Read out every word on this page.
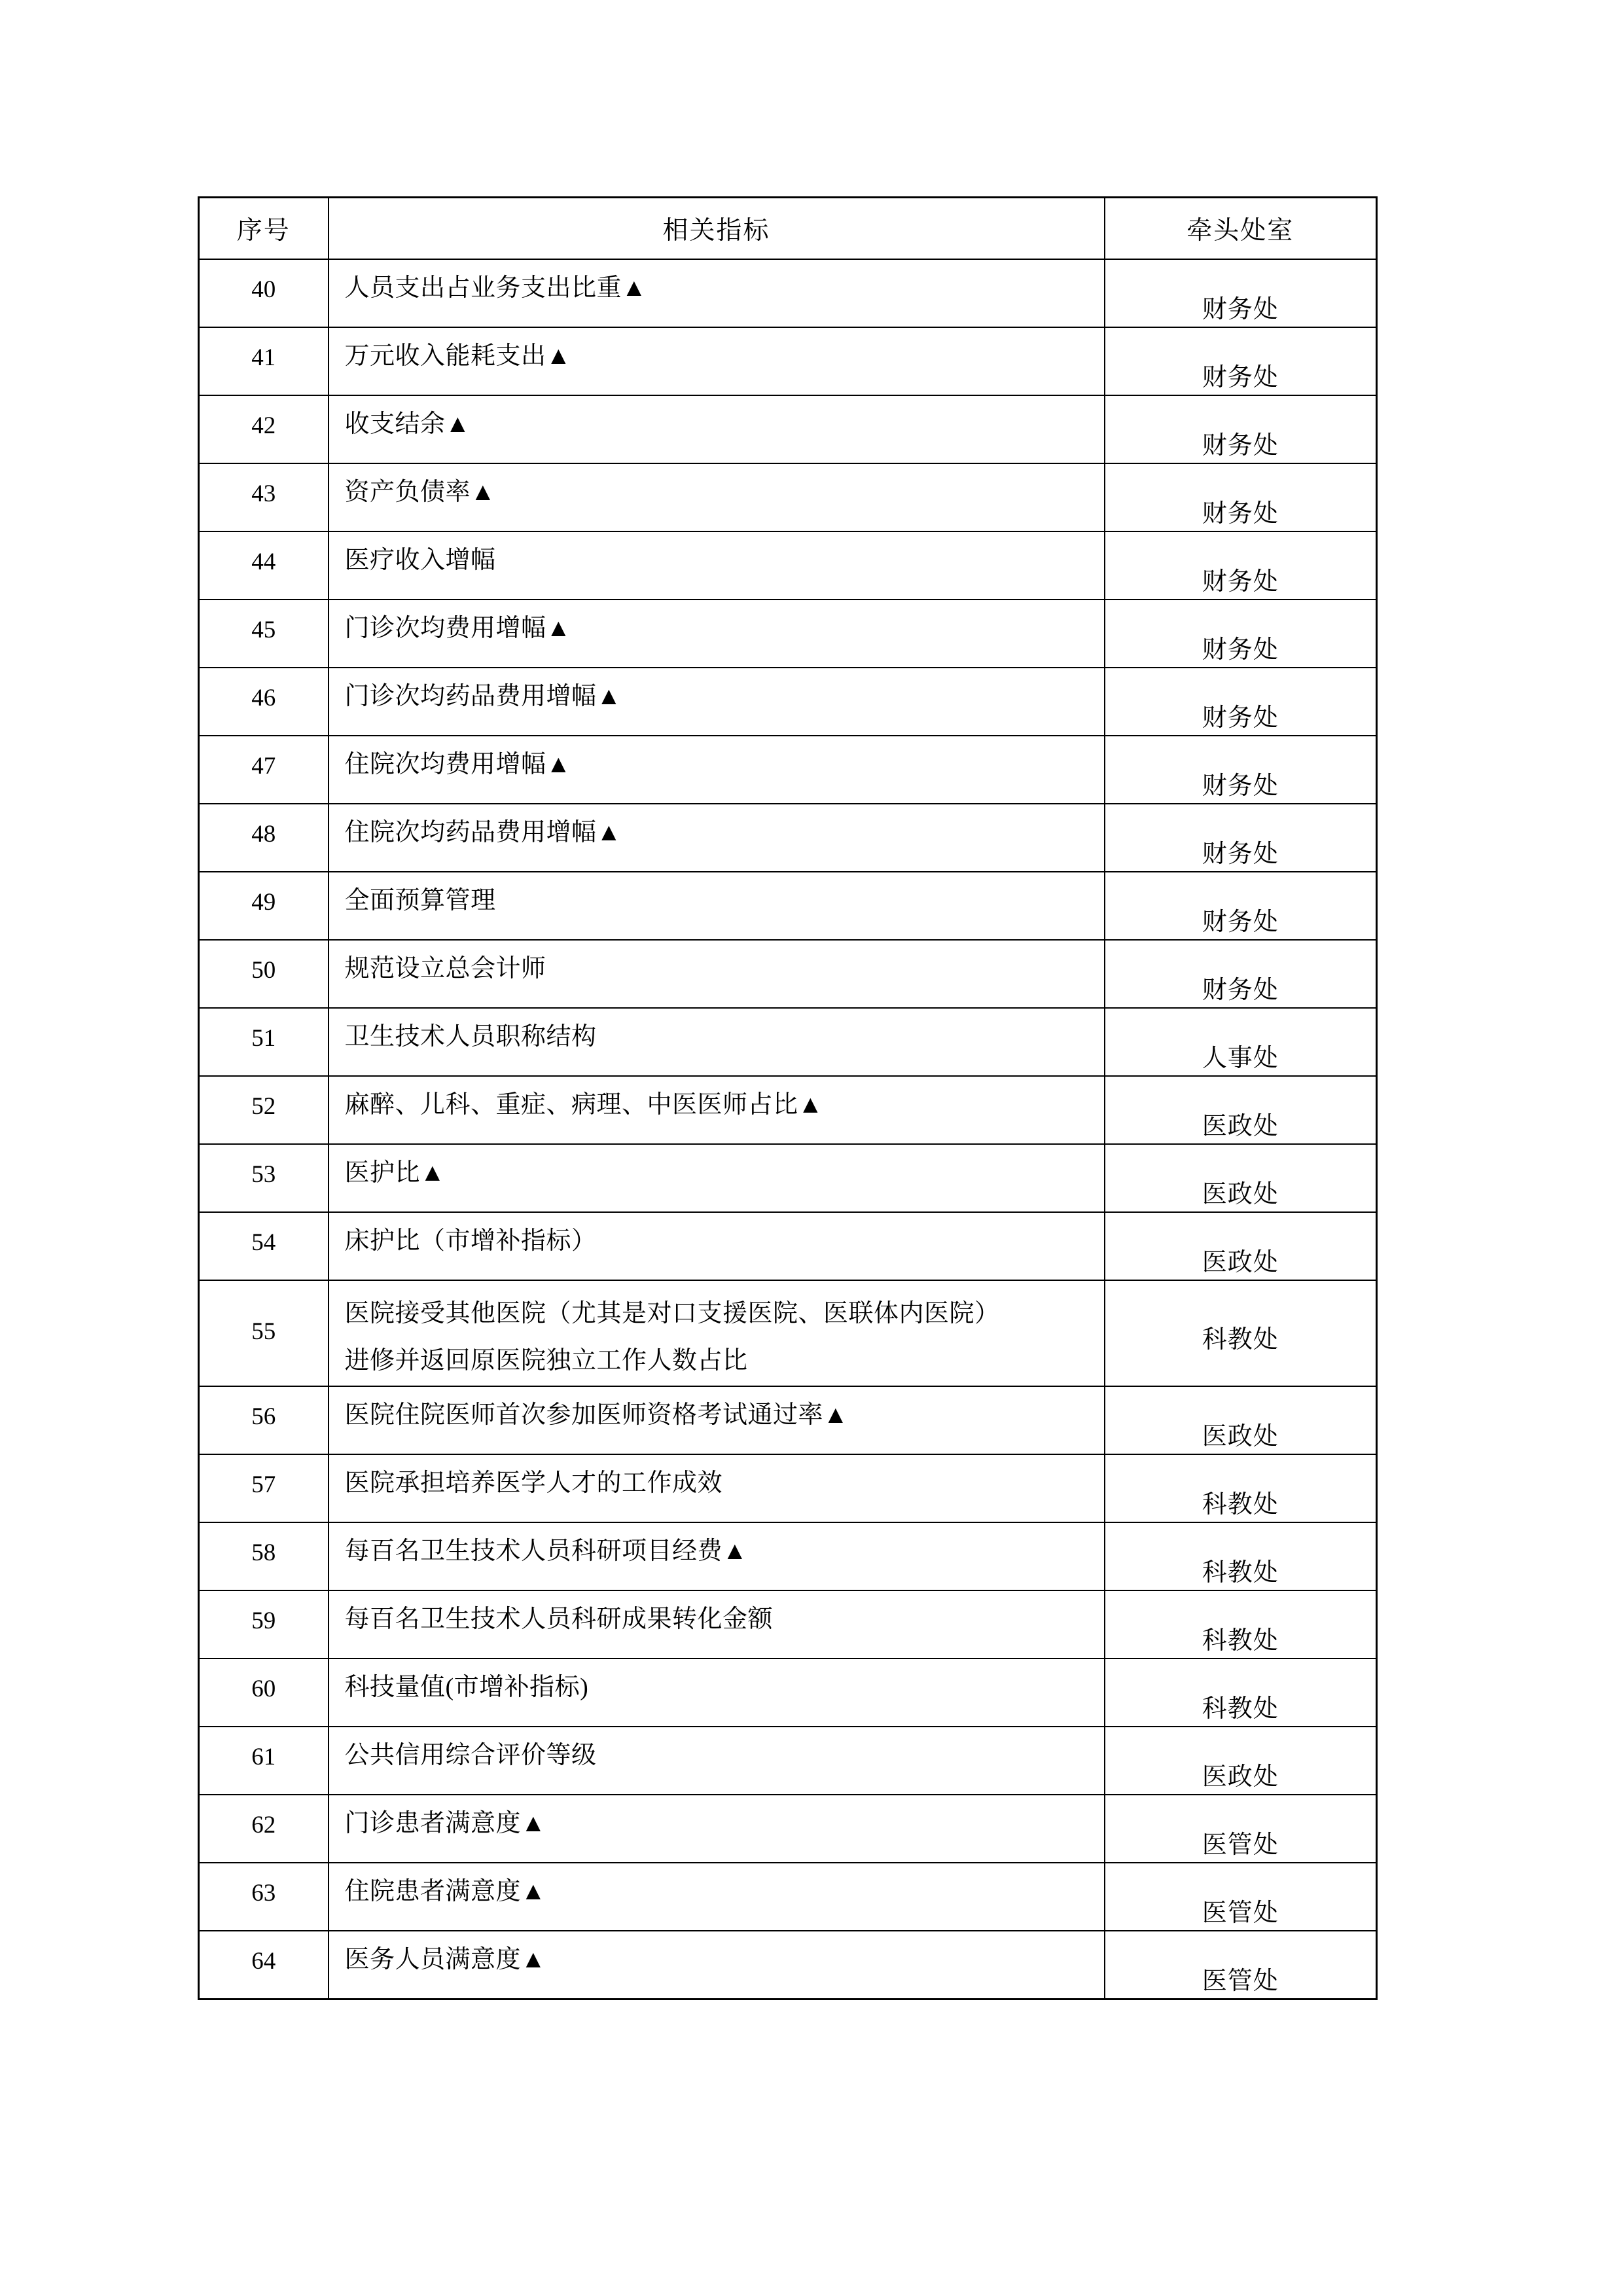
序号	相关指标	牵头处室

40	人员支出占业务支出比重▲	财务处

41	万元收入能耗支出▲	财务处

42	收支结余▲	财务处

43	资产负债率▲	财务处

44	医疗收入增幅	财务处

45	门诊次均费用增幅▲	财务处

46	门诊次均药品费用增幅▲	财务处

47	住院次均费用增幅▲	财务处

48	住院次均药品费用增幅▲	财务处

49	全面预算管理	财务处

50	规范设立总会计师	财务处

51	卫生技术人员职称结构	人事处

52	麻醉、儿科、重症、病理、中医医师占比▲	医政处

53	医护比▲	医政处

54	床护比（市增补指标）	医政处

55	医院接受其他医院（尤其是对口支援医院、医联体内医院）
进修并返回原医院独立工作人数占比	科教处

56	医院住院医师首次参加医师资格考试通过率▲	医政处

57	医院承担培养医学人才的工作成效	科教处

58	每百名卫生技术人员科研项目经费▲	科教处

59	每百名卫生技术人员科研成果转化金额	科教处

60	科技量值(市增补指标)	科教处

61	公共信用综合评价等级	医政处

62	门诊患者满意度▲	医管处

63	住院患者满意度▲	医管处

64	医务人员满意度▲	医管处
